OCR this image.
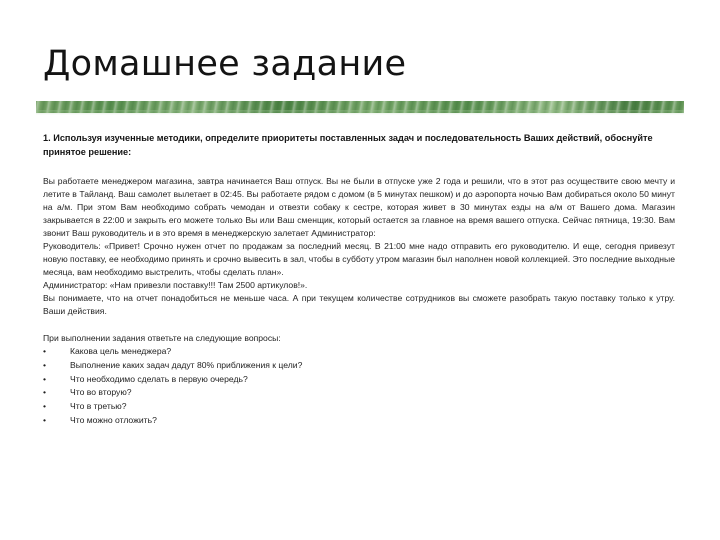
Домашнее задание

1. Используя изученные методики, определите приоритеты поставленных задач и последовательность Ваших действий, обоснуйте принятое решение:

Вы работаете менеджером магазина, завтра начинается Ваш отпуск. Вы не были в отпуске уже 2 года и решили, что в этот раз осуществите свою мечту и летите в Тайланд. Ваш самолет вылетает в 02:45. Вы работаете рядом с домом (в 5 минутах пешком) и до аэропорта ночью Вам добираться около 50 минут на а/м. При этом Вам необходимо собрать чемодан и отвезти собаку к сестре, которая живет в 30 минутах езды на а/м от Вашего дома. Магазин закрывается в 22:00 и закрыть его можете только Вы или Ваш сменщик, который остается за главное на время вашего отпуска. Сейчас пятница, 19:30. Вам звонит Ваш руководитель и в это время в менеджерскую залетает Администратор:

Руководитель: «Привет! Срочно нужен отчет по продажам за последний месяц. В 21:00 мне надо отправить его руководителю. И еще, сегодня привезут новую поставку, ее необходимо принять и срочно вывесить в зал, чтобы в субботу утром магазин был наполнен новой коллекцией. Это последние выходные месяца, вам необходимо выстрелить, чтобы сделать план».

Администратор: «Нам привезли поставку!!! Там 2500 артикулов!».

Вы понимаете, что на отчет понадобиться не меньше часа. А при текущем количестве сотрудников вы сможете разобрать такую поставку только к утру. Ваши действия.

При выполнении задания ответьте на следующие вопросы:

•	Какова цель менеджера?
•	Выполнение каких задач дадут 80% приближения к цели?
•	Что необходимо сделать в первую очередь?
•	Что во вторую?
•	Что в третью?
•	Что можно отложить?
